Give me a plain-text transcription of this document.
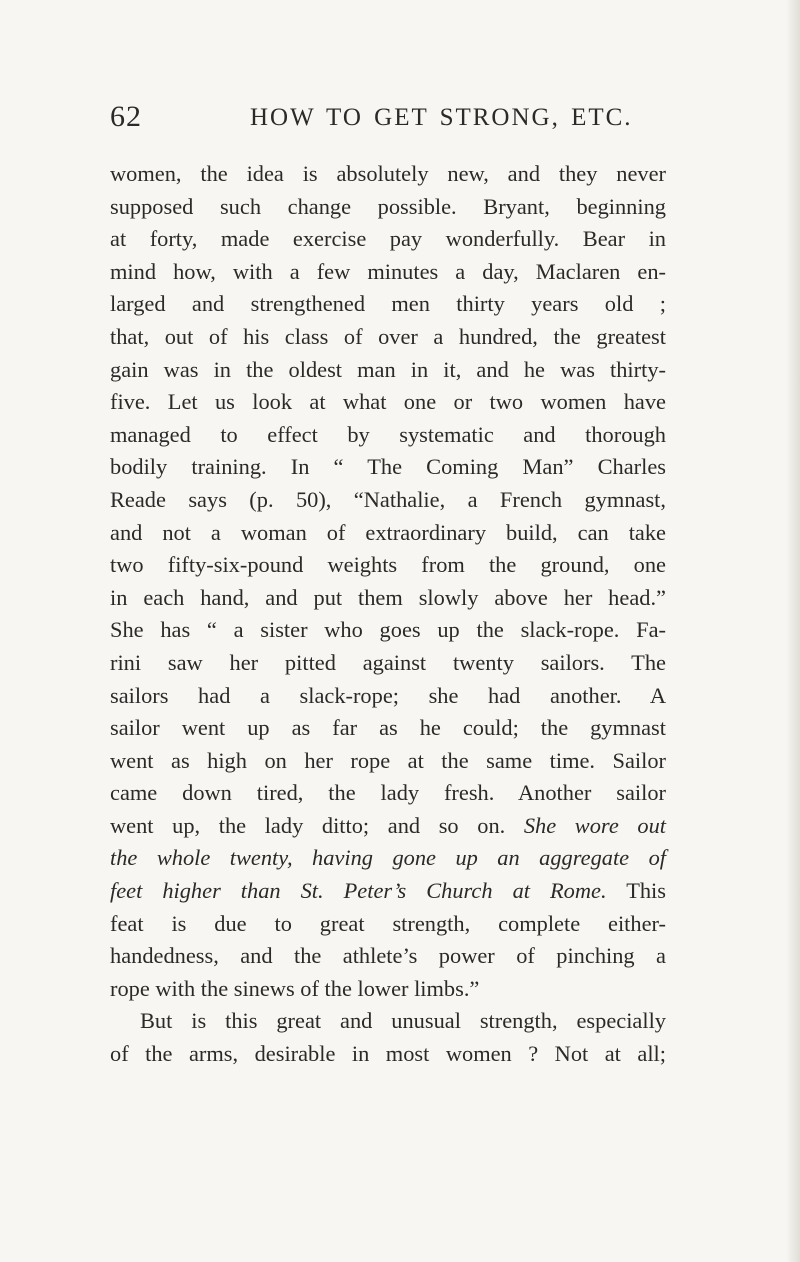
62	HOW TO GET STRONG, ETC.
women, the idea is absolutely new, and they never
supposed such change possible. Bryant, beginning
at forty, made exercise pay wonderfully. Bear in
mind how, with a few minutes a day, Maclaren en-
larged and strengthened men thirty years old ;
that, out of his class of over a hundred, the greatest
gain was in the oldest man in it, and he was thirty-
five. Let us look at what one or two women have
managed to effect by systematic and thorough
bodily training. In “ The Coming Man” Charles
Reade says (p. 50), “Nathalie, a French gymnast,
and not a woman of extraordinary build, can take
two fifty-six-pound weights from the ground, one
in each hand, and put them slowly above her head.”
She has “ a sister who goes up the slack-rope. Fa-
rini saw her pitted against twenty sailors. The
sailors had a slack-rope; she had another. A
sailor went up as far as he could; the gymnast
went as high on her rope at the same time. Sailor
came down tired, the lady fresh. Another sailor
went up, the lady ditto; and so on. She wore out
the whole twenty, having gone up an aggregate of
feet higher than St. Peter’s Church at Rome. This
feat is due to great strength, complete either-
handedness, and the athlete’s power of pinching a
rope with the sinews of the lower limbs.”
But is this great and unusual strength, especially
of the arms, desirable in most women ? Not at all;
